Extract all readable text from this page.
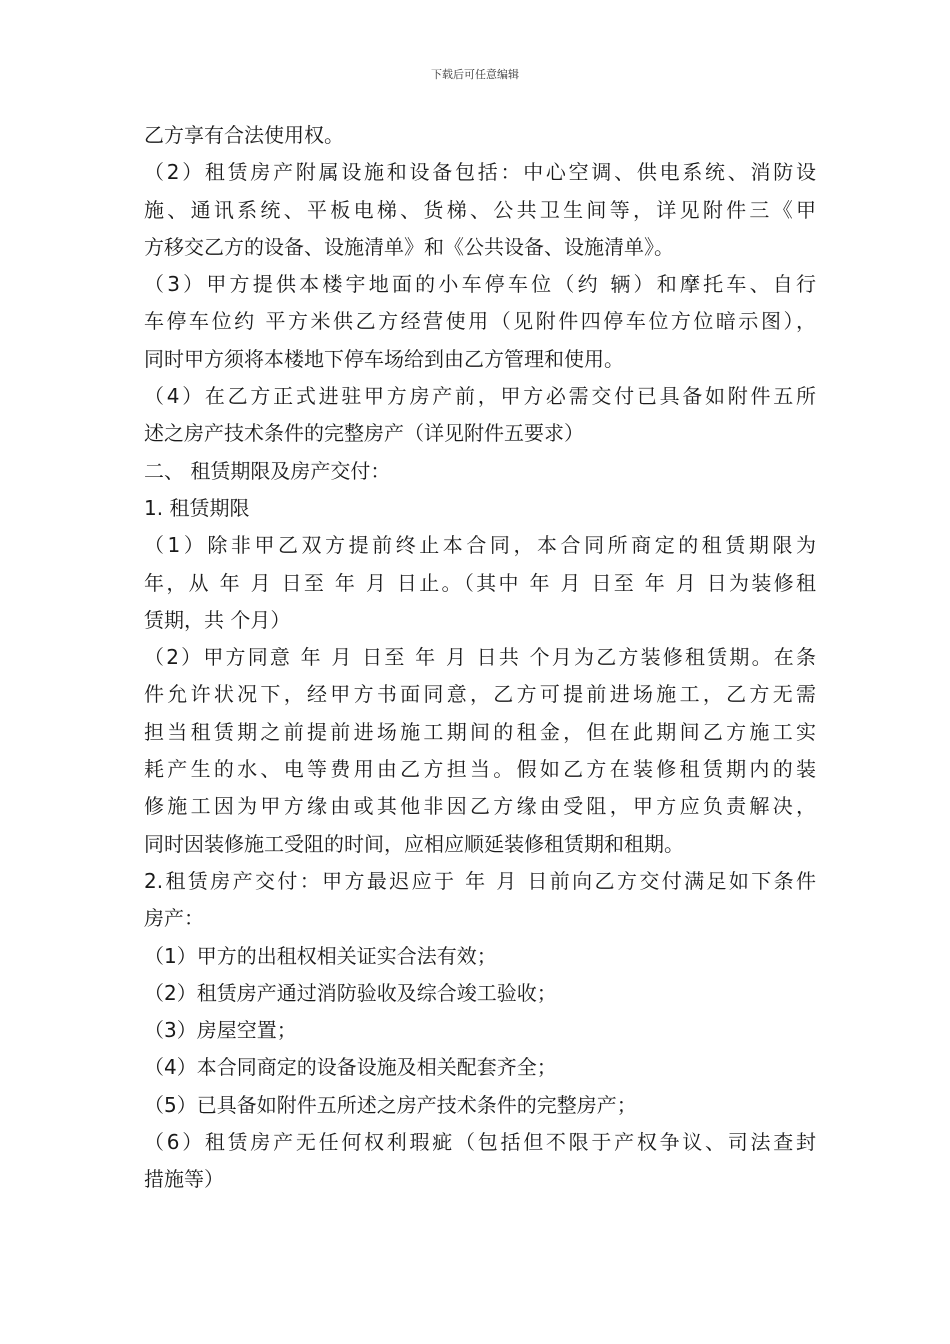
下载后可任意编辑
乙方享有合法使用权。
（2）租赁房产附属设施和设备包括：中心空调、供电系统、消防设
施、通讯系统、平板电梯、货梯、公共卫生间等，详见附件三《甲
方移交乙方的设备、设施清单》和《公共设备、设施清单》。
（3）甲方提供本楼宇地面的小车停车位（约 辆）和摩托车、自行
车停车位约 平方米供乙方经营使用（见附件四停车位方位暗示图），
同时甲方须将本楼地下停车场给到由乙方管理和使用。
（4）在乙方正式进驻甲方房产前，甲方必需交付已具备如附件五所
述之房产技术条件的完整房产（详见附件五要求）
二、 租赁期限及房产交付：
1. 租赁期限
（1）除非甲乙双方提前终止本合同，本合同所商定的租赁期限为
年，从 年 月 日至 年 月 日止。（其中 年 月 日至 年 月 日为装修租
赁期，共 个月）
（2）甲方同意 年 月 日至 年 月 日共 个月为乙方装修租赁期。在条
件允许状况下，经甲方书面同意，乙方可提前进场施工，乙方无需
担当租赁期之前提前进场施工期间的租金，但在此期间乙方施工实
耗产生的水、电等费用由乙方担当。假如乙方在装修租赁期内的装
修施工因为甲方缘由或其他非因乙方缘由受阻，甲方应负责解决，
同时因装修施工受阻的时间，应相应顺延装修租赁期和租期。
2.租赁房产交付：甲方最迟应于 年 月 日前向乙方交付满足如下条件
房产：
（1）甲方的出租权相关证实合法有效；
（2）租赁房产通过消防验收及综合竣工验收；
（3）房屋空置；
（4）本合同商定的设备设施及相关配套齐全；
（5）已具备如附件五所述之房产技术条件的完整房产；
（6）租赁房产无任何权利瑕疵（包括但不限于产权争议、司法查封
措施等）
